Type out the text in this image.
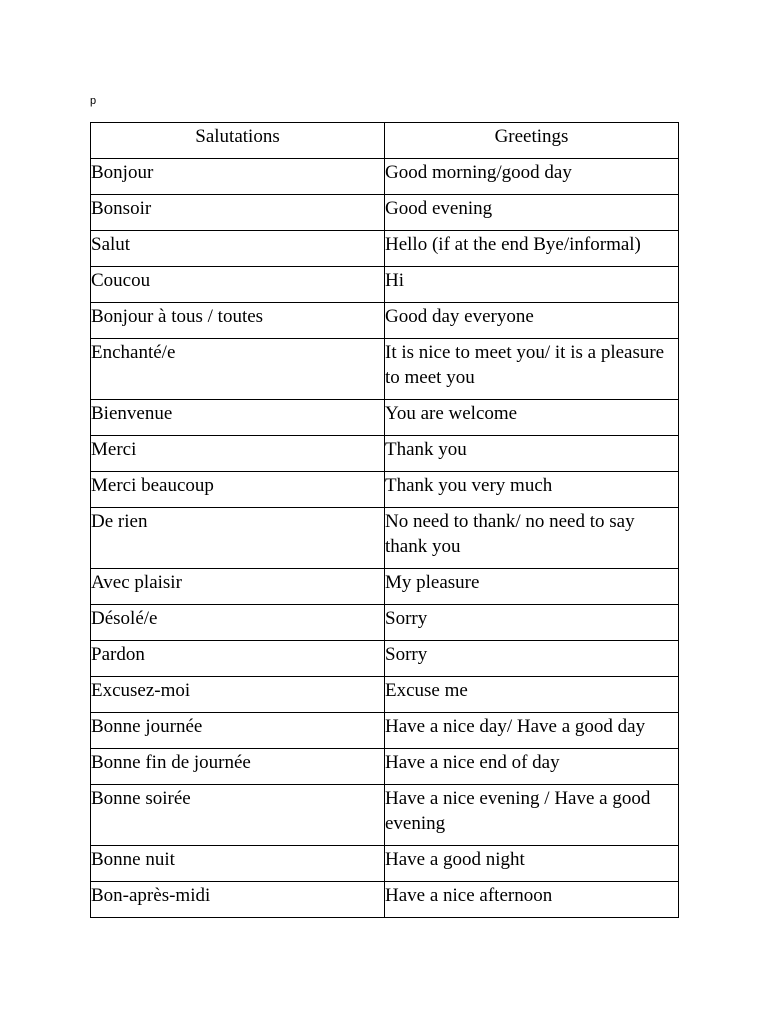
p
Salutations	Greetings
Bonjour	Good morning/good day
Bonsoir	Good evening
Salut	Hello (if at the end Bye/informal)
Coucou	Hi
Bonjour à tous / toutes	Good day everyone
Enchanté/e	It is nice to meet you/ it is a pleasure to meet you
Bienvenue	You are welcome
Merci	Thank you
Merci beaucoup	Thank you very much
De rien	No need to thank/ no need to say thank you
Avec plaisir	My pleasure
Désolé/e	Sorry
Pardon	Sorry
Excusez-moi	Excuse me
Bonne journée	Have a nice day/ Have a good day
Bonne fin de journée	Have a nice end of day
Bonne soirée	Have a nice evening / Have a good evening
Bonne nuit	Have a good night
Bon-après-midi	Have a nice afternoon
